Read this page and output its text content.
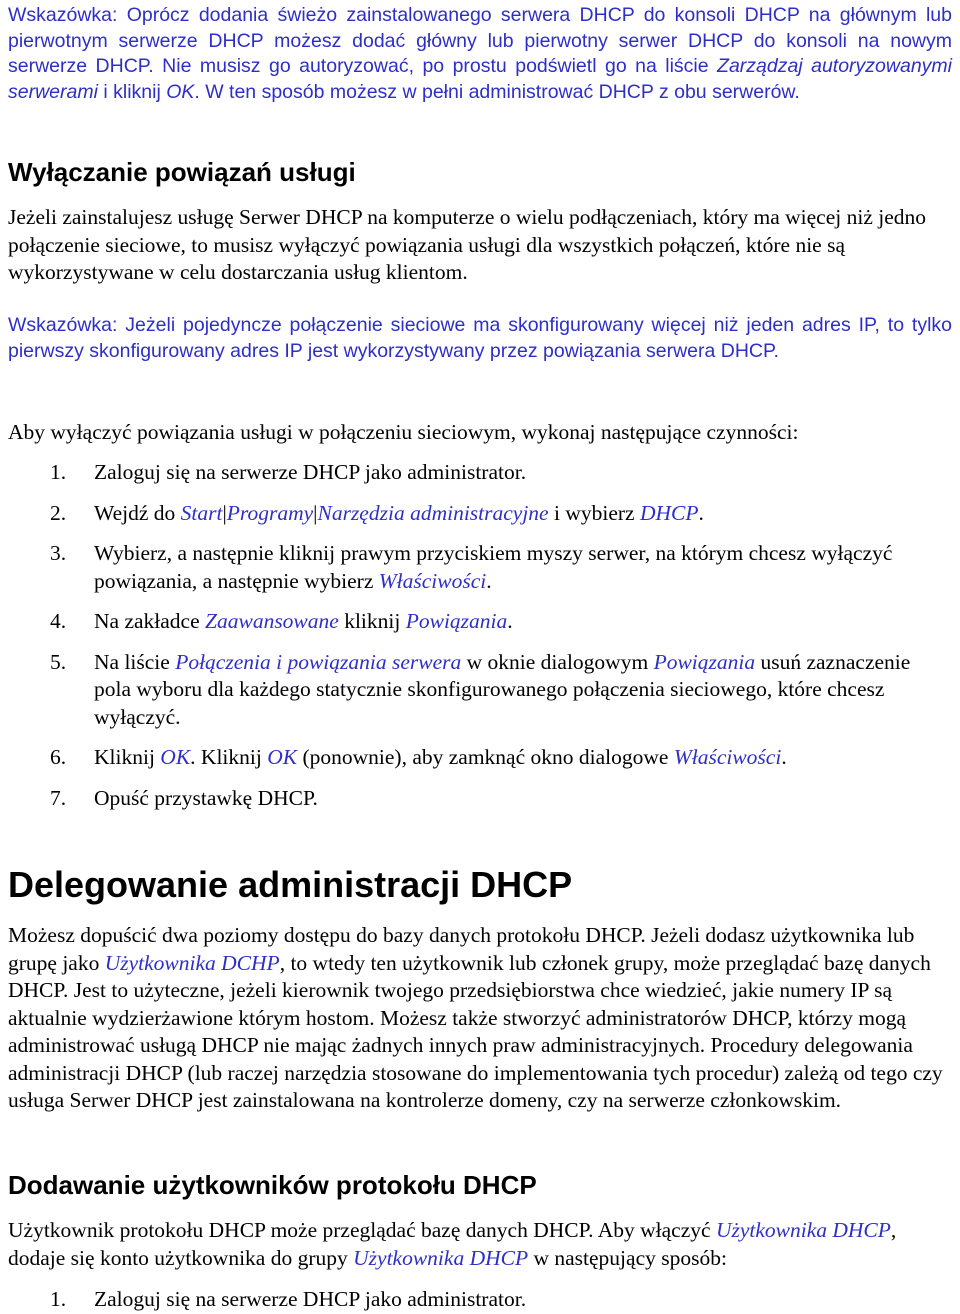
Wskazówka: Oprócz dodania świeżo zainstalowanego serwera DHCP do konsoli DHCP na głównym lub pierwotnym serwerze DHCP możesz dodać główny lub pierwotny serwer DHCP do konsoli na nowym serwerze DHCP. Nie musisz go autoryzować, po prostu podświetl go na liście Zarządzaj autoryzowanymi serwerami i kliknij OK. W ten sposób możesz w pełni administrować DHCP z obu serwerów.

Wyłączanie powiązań usługi

Jeżeli zainstalujesz usługę Serwer DHCP na komputerze o wielu podłączeniach, który ma więcej niż jedno połączenie sieciowe, to musisz wyłączyć powiązania usługi dla wszystkich połączeń, które nie są wykorzystywane w celu dostarczania usług klientom.

Wskazówka: Jeżeli pojedyncze połączenie sieciowe ma skonfigurowany więcej niż jeden adres IP, to tylko pierwszy skonfigurowany adres IP jest wykorzystywany przez powiązania serwera DHCP.

Aby wyłączyć powiązania usługi w połączeniu sieciowym, wykonaj następujące czynności:

1. Zaloguj się na serwerze DHCP jako administrator.
2. Wejdź do Start|Programy|Narzędzia administracyjne i wybierz DHCP.
3. Wybierz, a następnie kliknij prawym przyciskiem myszy serwer, na którym chcesz wyłączyć powiązania, a następnie wybierz Właściwości.
4. Na zakładce Zaawansowane kliknij Powiązania.
5. Na liście Połączenia i powiązania serwera w oknie dialogowym Powiązania usuń zaznaczenie pola wyboru dla każdego statycznie skonfigurowanego połączenia sieciowego, które chcesz wyłączyć.
6. Kliknij OK. Kliknij OK (ponownie), aby zamknąć okno dialogowe Właściwości.
7. Opuść przystawkę DHCP.
Delegowanie administracji DHCP

Możesz dopuścić dwa poziomy dostępu do bazy danych protokołu DHCP. Jeżeli dodasz użytkownika lub grupę jako Użytkownika DCHP, to wtedy ten użytkownik lub członek grupy, może przeglądać bazę danych DHCP. Jest to użyteczne, jeżeli kierownik twojego przedsiębiorstwa chce wiedzieć, jakie numery IP są aktualnie wydzierżawione którym hostom. Możesz także stworzyć administratorów DHCP, którzy mogą administrować usługą DHCP nie mając żadnych innych praw administracyjnych. Procedury delegowania administracji DHCP (lub raczej narzędzia stosowane do implementowania tych procedur) zależą od tego czy usługa Serwer DHCP jest zainstalowana na kontrolerze domeny, czy na serwerze członkowskim.

Dodawanie użytkowników protokołu DHCP

Użytkownik protokołu DHCP może przeglądać bazę danych DHCP. Aby włączyć Użytkownika DHCP, dodaje się konto użytkownika do grupy Użytkownika DHCP w następujący sposób:

1. Zaloguj się na serwerze DHCP jako administrator.
